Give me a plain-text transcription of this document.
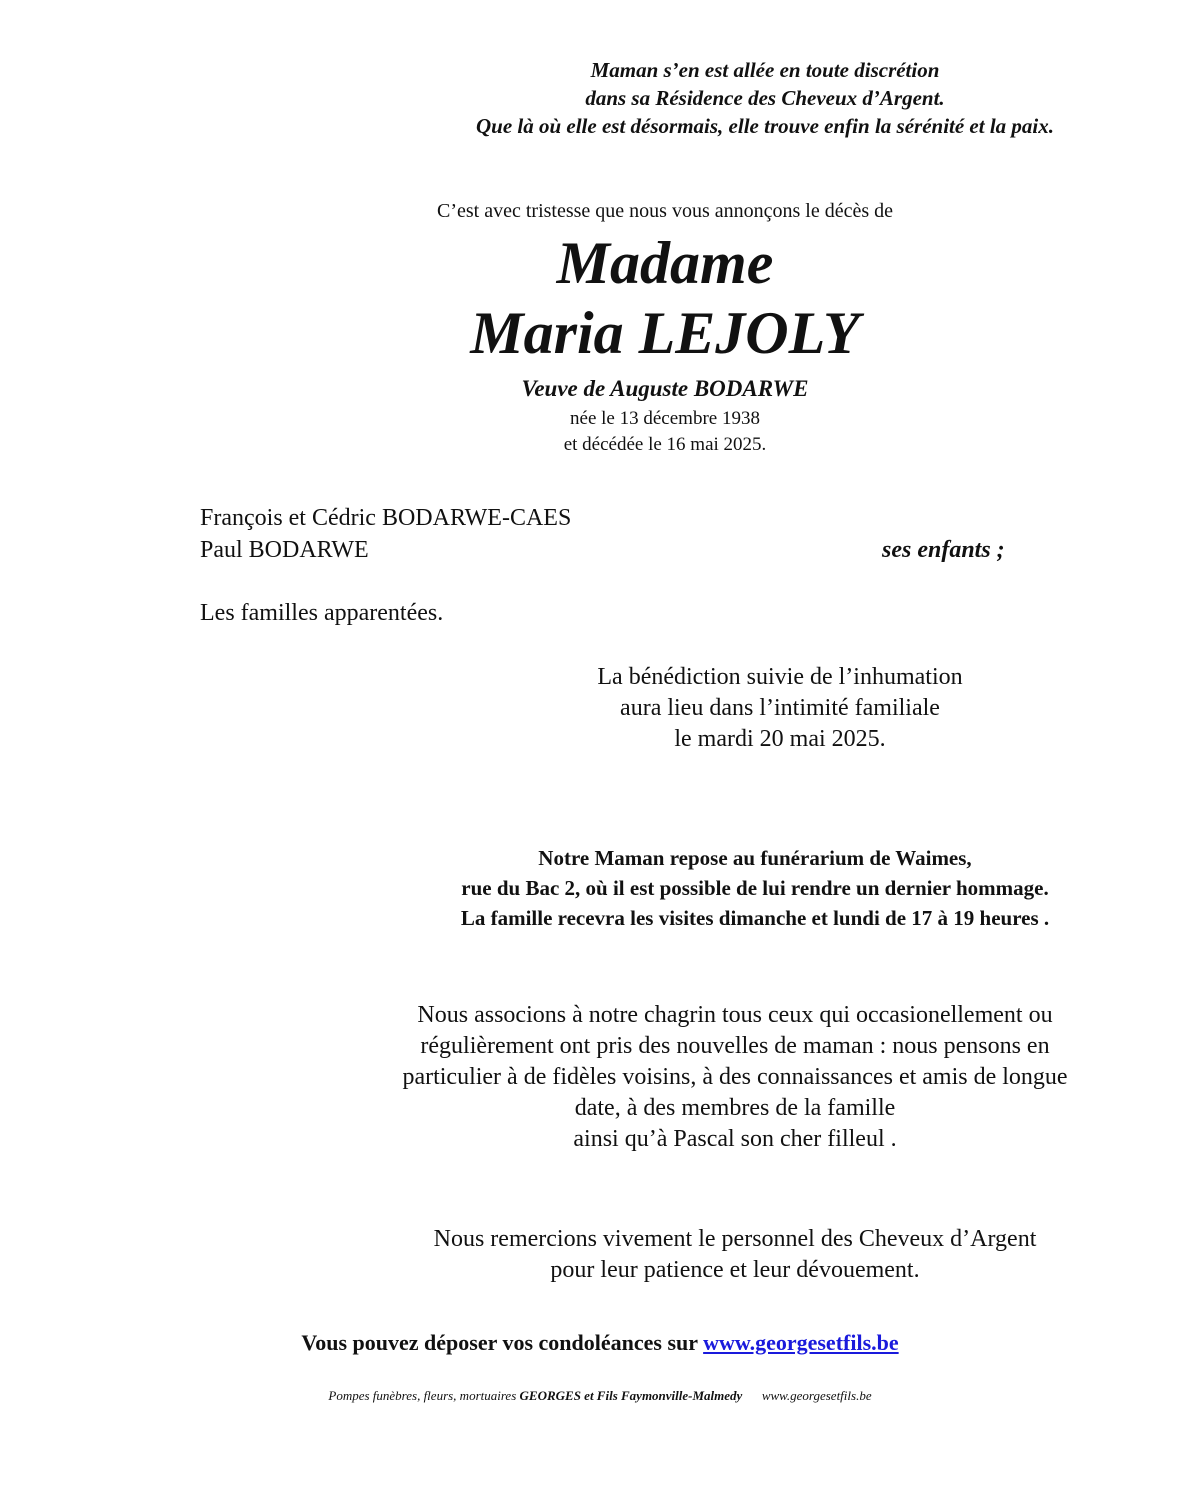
Maman s’en est allée en toute discrétion
dans sa Résidence des Cheveux d’Argent.
Que là où elle est désormais, elle trouve enfin la sérénité et la paix.
C’est avec tristesse que nous vous annonçons le décès de
Madame
Maria LEJOLY
Veuve de Auguste BODARWE
née le 13 décembre 1938
et décédée le 16 mai 2025.
François et Cédric BODARWE-CAES
Paul BODARWE	ses enfants ;
Les familles apparentées.
La bénédiction suivie de l’inhumation
aura lieu dans l’intimité familiale
le mardi 20 mai 2025.
Notre Maman repose au funérarium de Waimes,
rue du Bac 2, où il est possible de lui rendre un dernier hommage.
La famille recevra les visites dimanche et lundi de 17 à 19 heures .
Nous associons à notre chagrin tous ceux qui occasionellement ou
régulièrement ont pris des nouvelles de maman : nous pensons en
particulier à de fidèles voisins, à des connaissances et amis de longue
date, à des membres de la famille
ainsi qu’à Pascal son cher filleul .
Nous remercions vivement le personnel des Cheveux d’Argent
pour leur patience et leur dévouement.
Vous pouvez déposer vos condoléances sur www.georgesetfils.be
Pompes funèbres, fleurs, mortuaires GEORGES et Fils Faymonville-Malmedy www.georgesetfils.be
